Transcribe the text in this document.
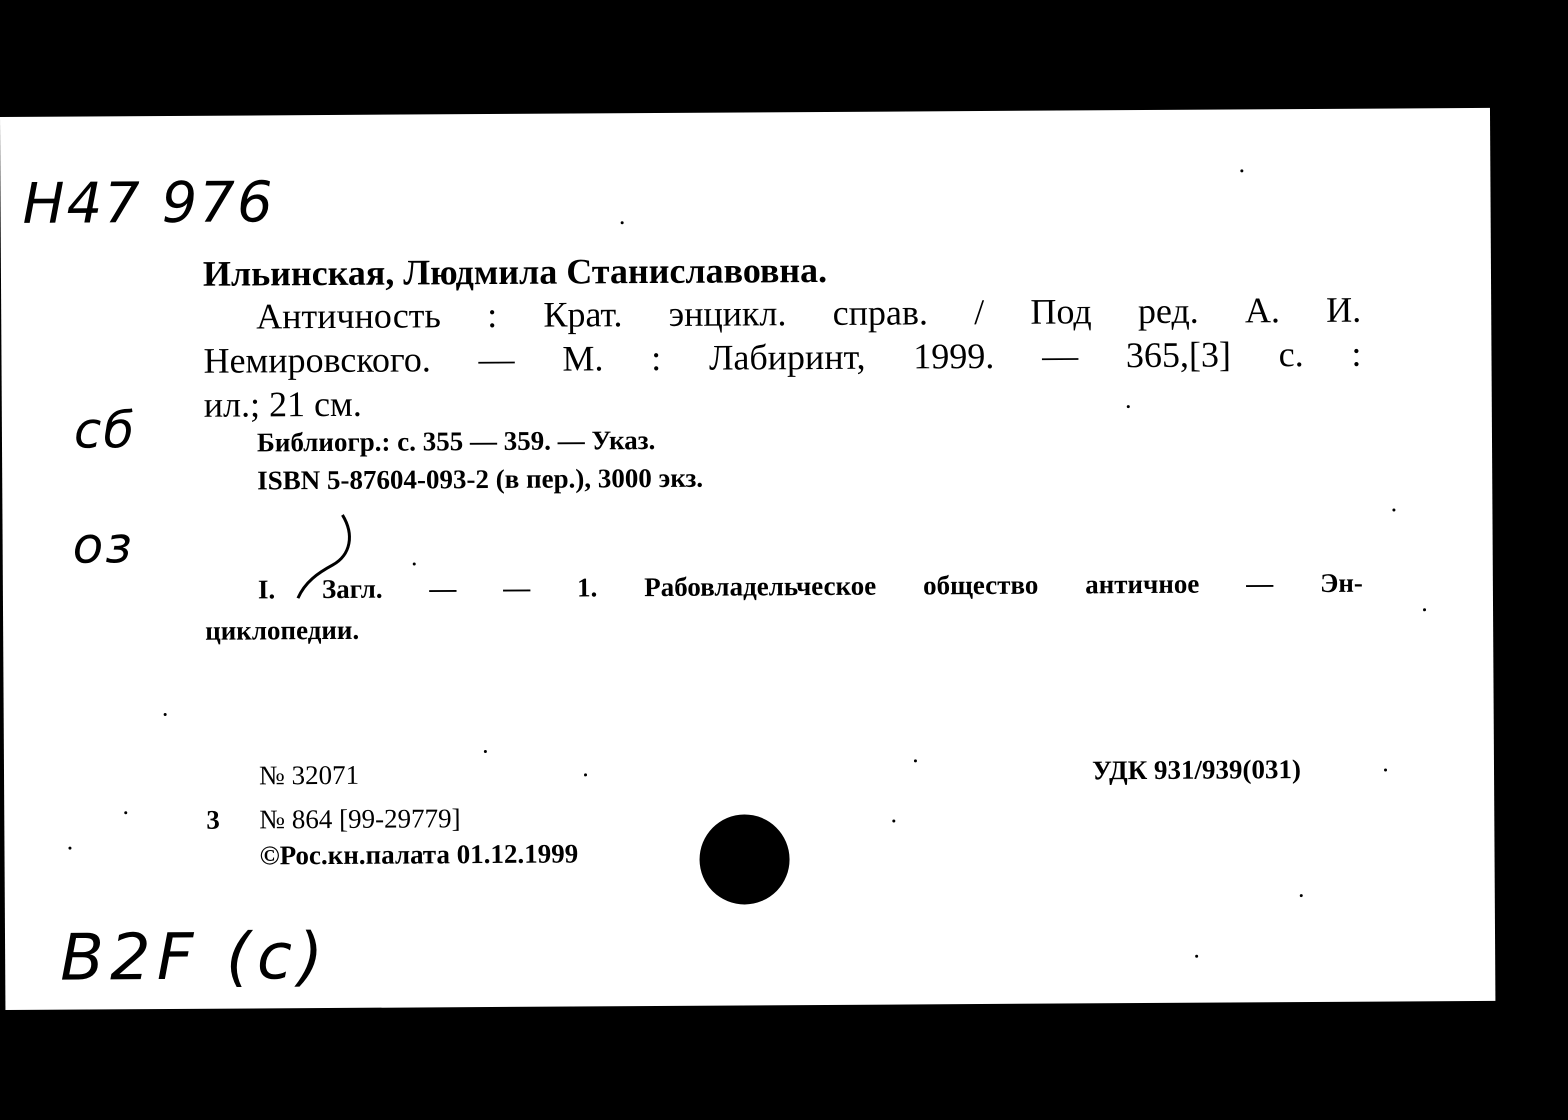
H47 976
Ильинская, Людмила Станиславовна.
Античность : Крат. энцикл. справ. / Под ред. А. И.
Немировского. — М. : Лабиринт, 1999. — 365,[3] с. :
ил.; 21 см.
cб	Библиогр.: с. 355 — 359. — Указ.
ISBN 5-87604-093-2 (в пер.), 3000 экз.
oз
I. Загл. — — 1. Рабовладельческое общество античное — Эн-
циклопедии.
№ 32071	УДК 931/939(031)
3 № 864 [99-29779]
©Рос.кн.палата 01.12.1999
B2F (c)
